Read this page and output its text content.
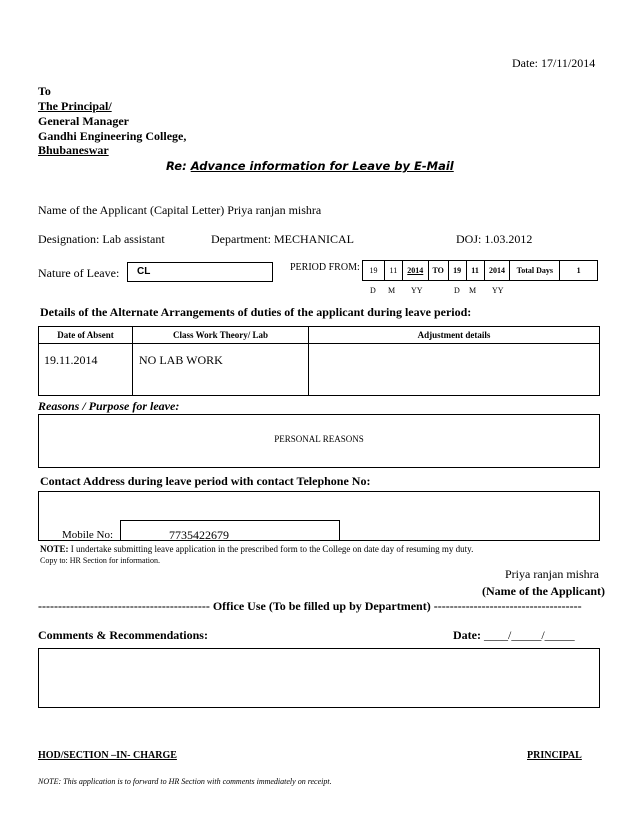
Date: 17/11/2014
To
The Principal/
General Manager
Gandhi Engineering College,
Bhubaneswar
Re: Advance information for Leave by E-Mail
Name of the Applicant (Capital Letter) Priya ranjan mishra
Designation: Lab assistant	Department: MECHANICAL	DOJ: 1.03.2012
Nature of Leave: CL	PERIOD FROM: 19	11	2014	TO	19	11	2014	Total Days	1
D M YY	D M YY
Details of the Alternate Arrangements of duties of the applicant during leave period:
Date of Absent	Class Work Theory/ Lab	Adjustment details
19.11.2014	NO LAB WORK	
Reasons / Purpose for leave:
PERSONAL REASONS
Contact Address during leave period with contact Telephone No:
Mobile No:	7735422679
NOTE: I undertake submitting leave application in the prescribed form to the College on date day of resuming my duty.
Copy to: HR Section for information.
Priya ranjan mishra
(Name of the Applicant)
------------------------------------------- Office Use (To be filled up by Department) -------------------------------------
Comments & Recommendations:	Date: ____/_____/_____
HOD/SECTION –IN- CHARGE	PRINCIPAL
NOTE: This application is to forward to HR Section with comments immediately on receipt.
